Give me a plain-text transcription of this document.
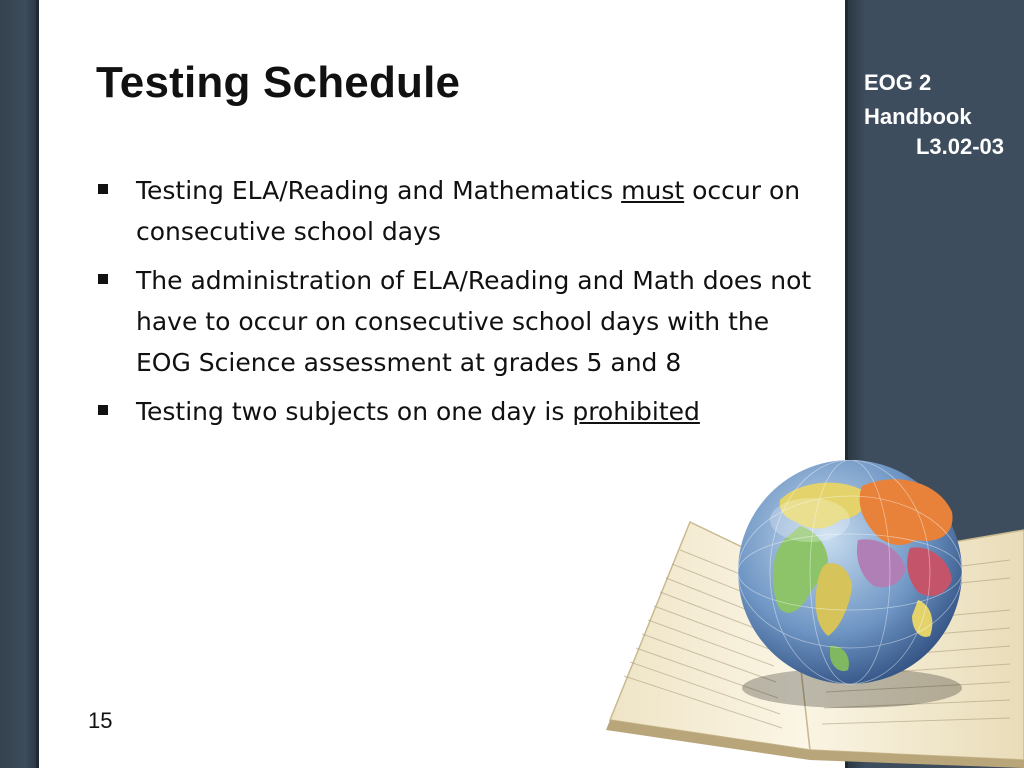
Testing Schedule
Testing ELA/Reading and Mathematics must occur on consecutive school days
The administration of ELA/Reading and Math does not have to occur on consecutive school days with the EOG Science assessment at grades 5 and 8
Testing two subjects on one day is prohibited
EOG 2
Handbook

L3.02-03
15
